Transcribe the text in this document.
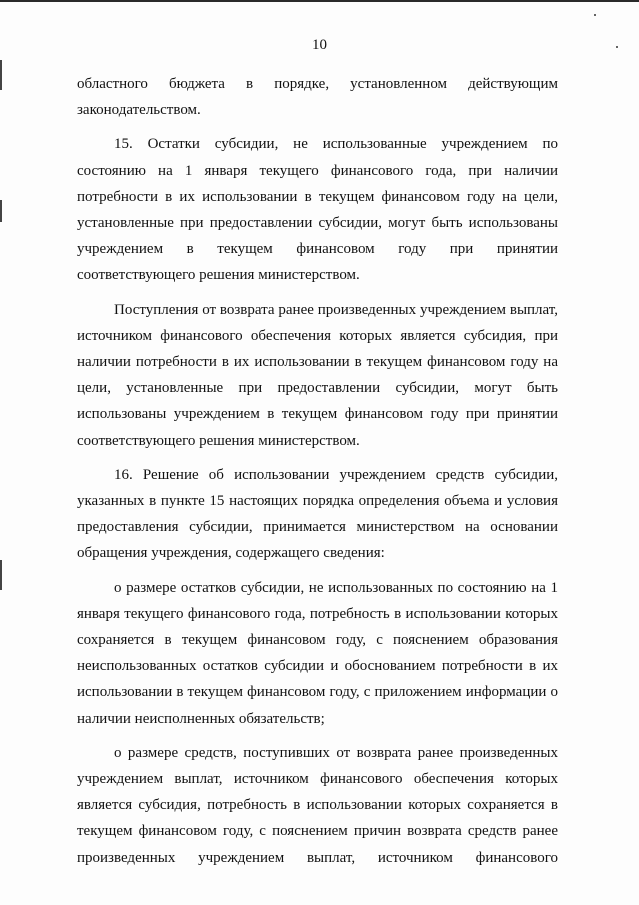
10

областного бюджета в порядке, установленном действующим законодательством.

15. Остатки субсидии, не использованные учреждением по состоянию на 1 января текущего финансового года, при наличии потребности в их использовании в текущем финансовом году на цели, установленные при предоставлении субсидии, могут быть использованы учреждением в текущем финансовом году при принятии соответствующего решения министерством.

Поступления от возврата ранее произведенных учреждением выплат, источником финансового обеспечения которых является субсидия, при наличии потребности в их использовании в текущем финансовом году на цели, установленные при предоставлении субсидии, могут быть использованы учреждением в текущем финансовом году при принятии соответствующего решения министерством.

16. Решение об использовании учреждением средств субсидии, указанных в пункте 15 настоящих порядка определения объема и условия предоставления субсидии, принимается министерством на основании обращения учреждения, содержащего сведения:

о размере остатков субсидии, не использованных по состоянию на 1 января текущего финансового года, потребность в использовании которых сохраняется в текущем финансовом году, с пояснением образования неиспользованных остатков субсидии и обоснованием потребности в их использовании в текущем финансовом году, с приложением информации о наличии неисполненных обязательств;

о размере средств, поступивших от возврата ранее произведенных учреждением выплат, источником финансового обеспечения которых является субсидия, потребность в использовании которых сохраняется в текущем финансовом году, с пояснением причин возврата средств ранее произведенных учреждением выплат, источником финансового
